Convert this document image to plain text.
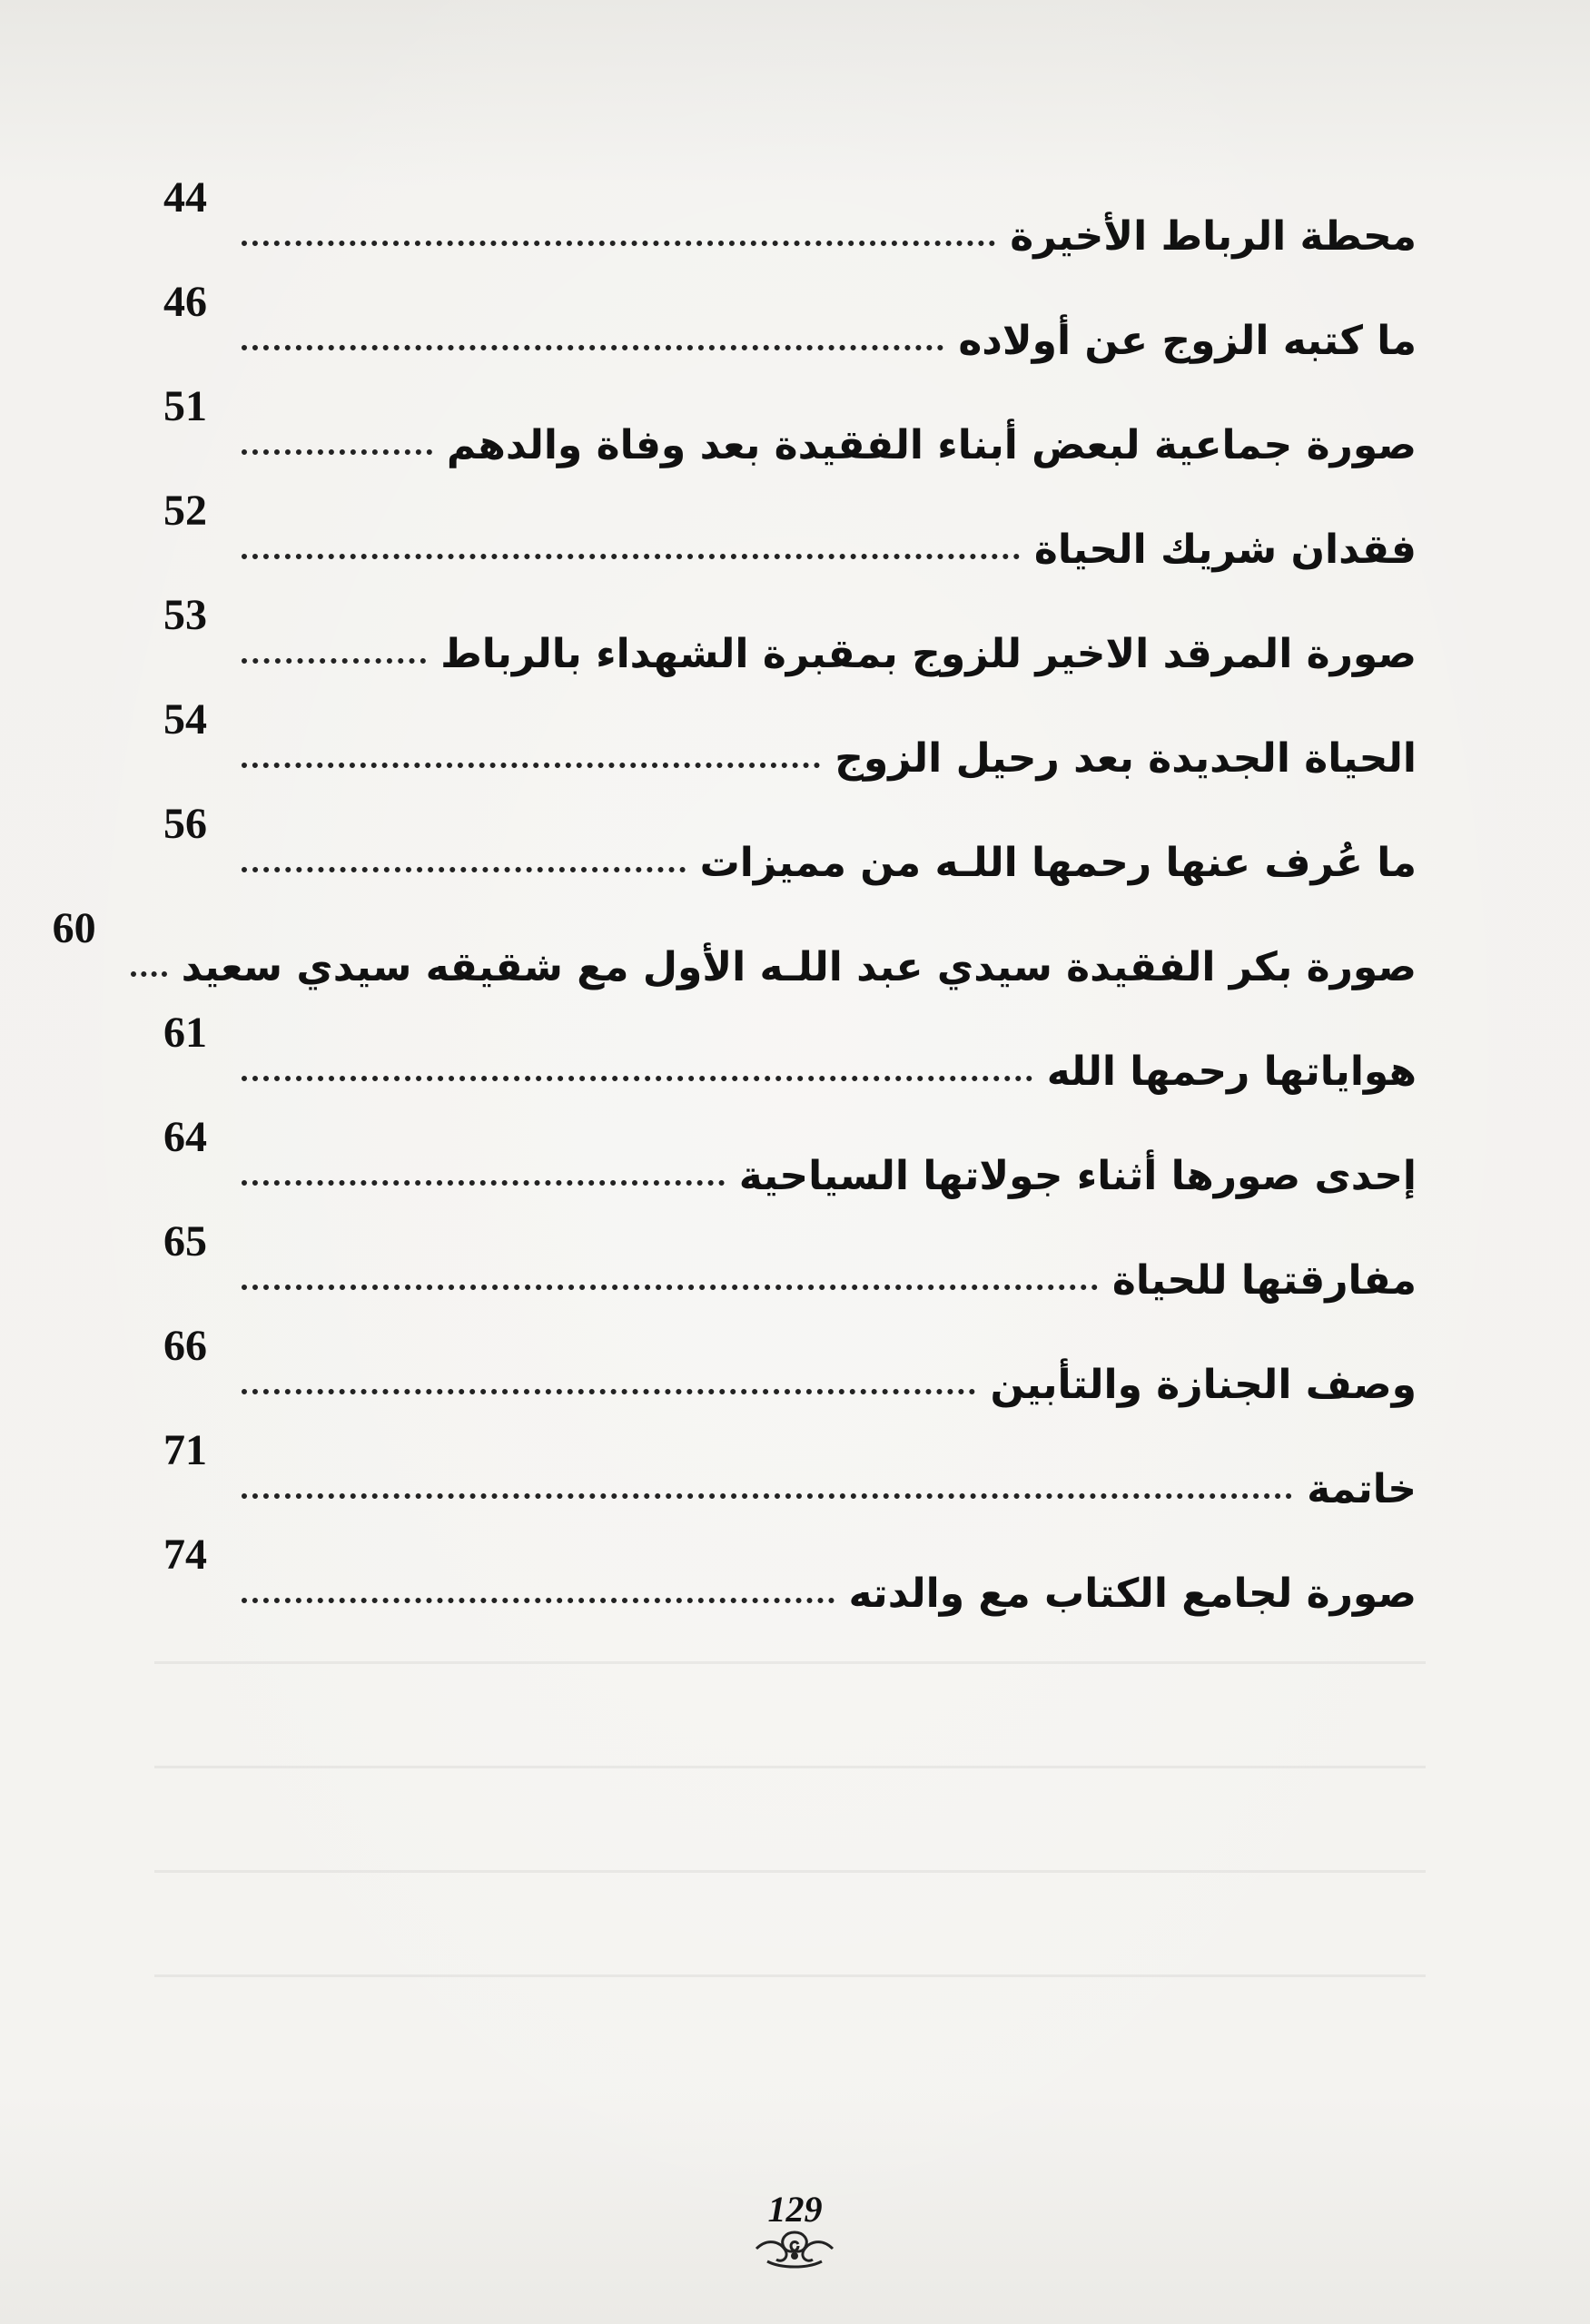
محطة الرباط الأخيرة
44
ما كتبه الزوج عن أولاده
46
صورة جماعية لبعض أبناء الفقيدة بعد وفاة والدهم
51
فقدان شريك الحياة
52
صورة المرقد الاخير للزوج بمقبرة الشهداء بالرباط
53
الحياة الجديدة بعد رحيل الزوج
54
ما عُرف عنها رحمها اللـه من مميزات
56
صورة بكر الفقيدة سيدي عبد اللـه الأول مع شقيقه سيدي سعيد
60
هواياتها رحمها الله
61
إحدى صورها أثناء جولاتها السياحية
64
مفارقتها للحياة
65
وصف الجنازة والتأبين
66
خاتمة
71
صورة لجامع الكتاب مع والدته
74
129
